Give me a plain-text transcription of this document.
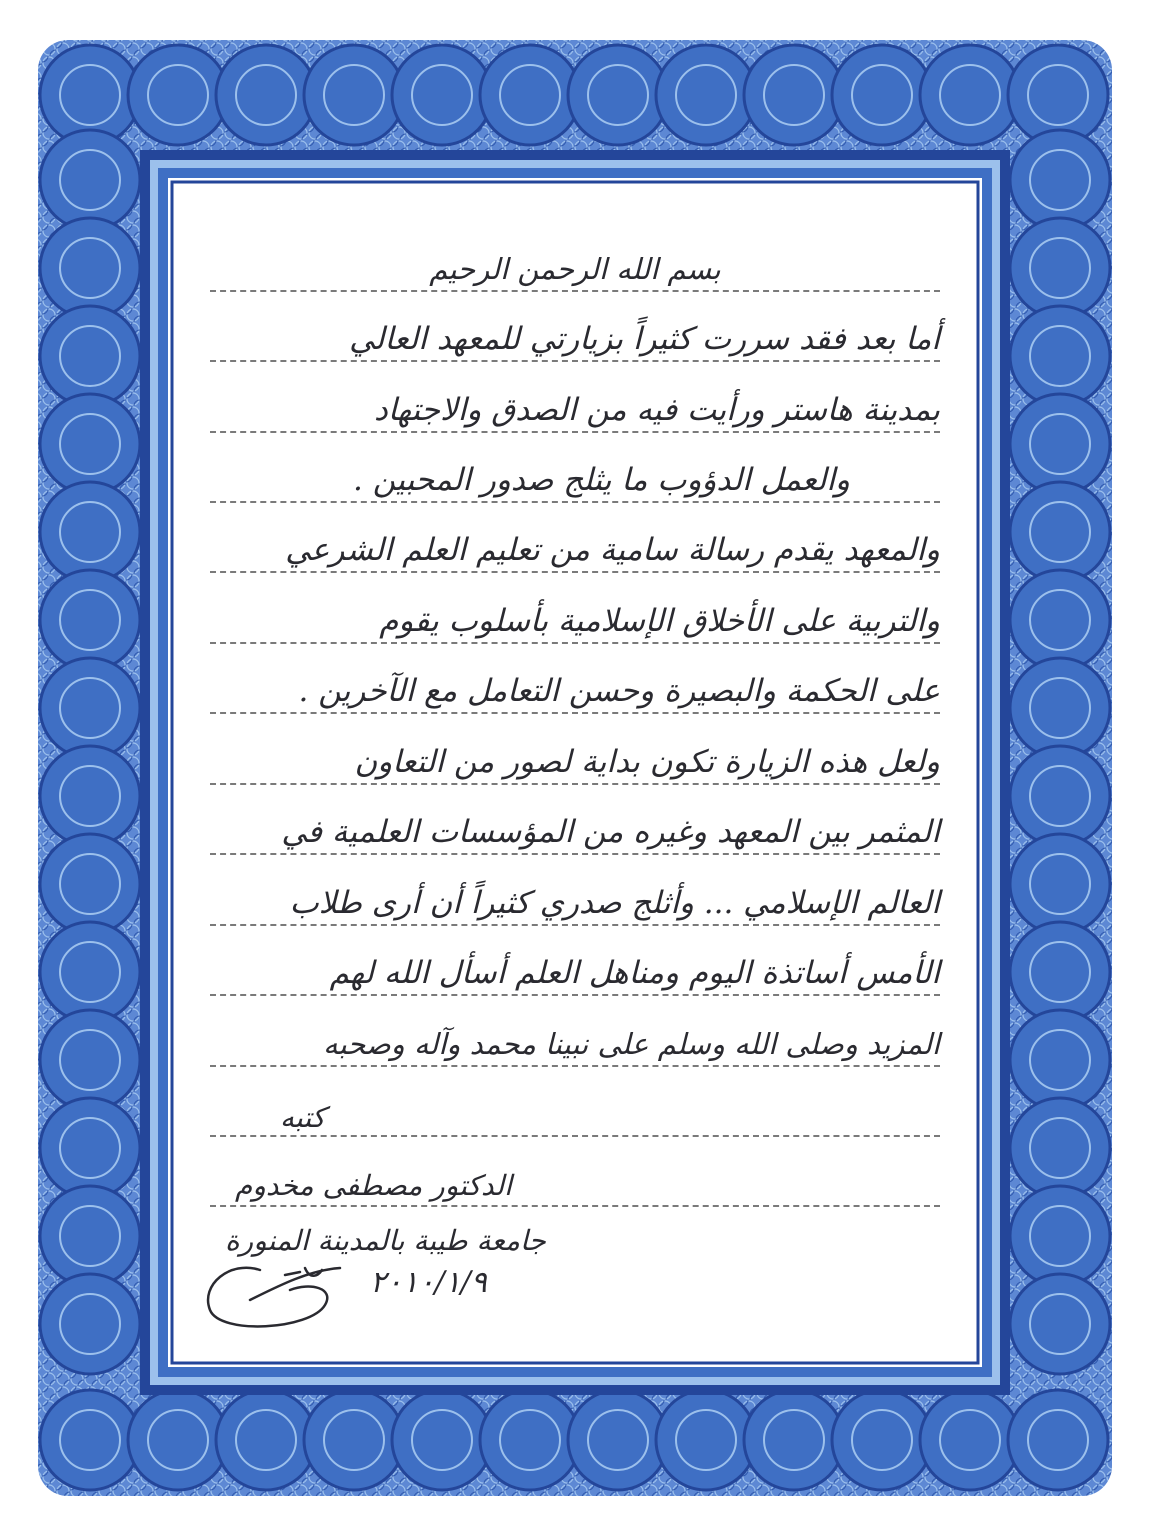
بسم الله الرحمن الرحيم
أما بعد فقد سررت كثيراً بزيارتي للمعهد العالي
بمدينة هاستر ورأيت فيه من الصدق والاجتهاد
والعمل الدؤوب ما يثلج صدور المحبين .
والمعهد يقدم رسالة سامية من تعليم العلم الشرعي
والتربية على الأخلاق الإسلامية بأسلوب يقوم
على الحكمة والبصيرة وحسن التعامل مع الآخرين .
ولعل هذه الزيارة تكون بداية لصور من التعاون
المثمر بين المعهد وغيره من المؤسسات العلمية في
العالم الإسلامي ... وأثلج صدري كثيراً أن أرى طلاب
الأمس أساتذة اليوم ومناهل العلم أسأل الله لهم
المزيد وصلى الله وسلم على نبينا محمد وآله وصحبه
كتبه
الدكتور مصطفى مخدوم
جامعة طيبة بالمدينة المنورة
٢٠١٠/١/٩
